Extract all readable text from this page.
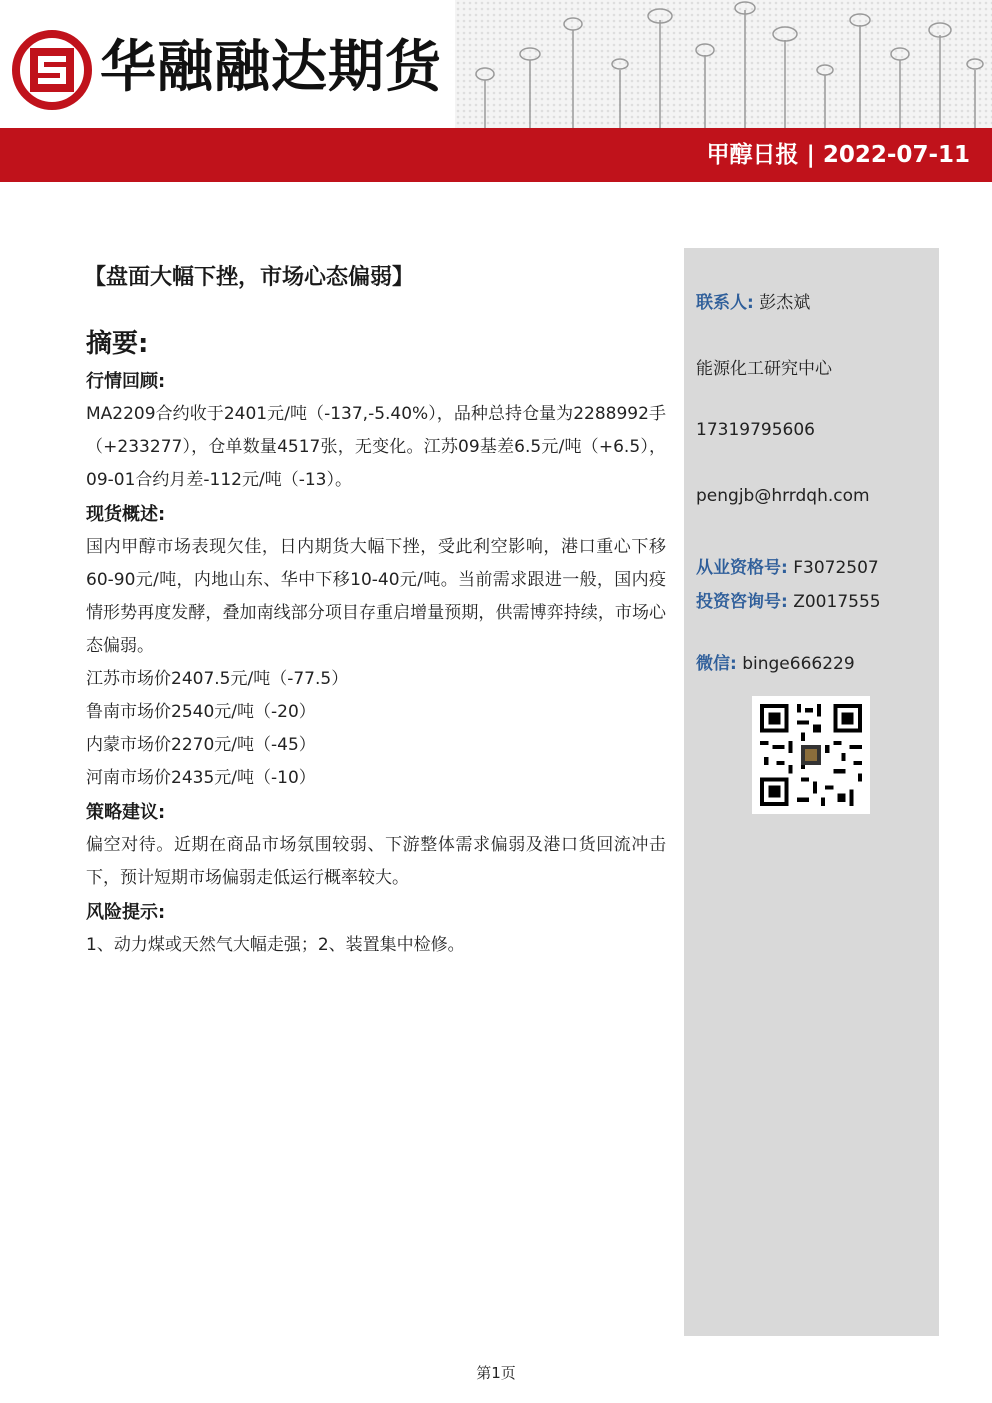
华融融达期货
甲醇日报 | 2022-07-11
【盘面大幅下挫，市场心态偏弱】
摘要:
行情回顾:
MA2209合约收于2401元/吨（-137,-5.40%），品种总持仓量为2288992手（+233277），仓单数量4517张，无变化。江苏09基差6.5元/吨（+6.5），09-01合约月差-112元/吨（-13）。
现货概述:
国内甲醇市场表现欠佳，日内期货大幅下挫，受此利空影响，港口重心下移60-90元/吨，内地山东、华中下移10-40元/吨。当前需求跟进一般，国内疫情形势再度发酵，叠加南线部分项目存重启增量预期，供需博弈持续，市场心态偏弱。
江苏市场价2407.5元/吨（-77.5）
鲁南市场价2540元/吨（-20）
内蒙市场价2270元/吨（-45）
河南市场价2435元/吨（-10）
策略建议:
偏空对待。近期在商品市场氛围较弱、下游整体需求偏弱及港口货回流冲击下，预计短期市场偏弱走低运行概率较大。
风险提示:
1、动力煤或天然气大幅走强；2、装置集中检修。
联系人: 彭杰斌
能源化工研究中心
17319795606
pengjb@hrrdqh.com
从业资格号: F3072507
投资咨询号: Z0017555
微信: binge666229
第1页
